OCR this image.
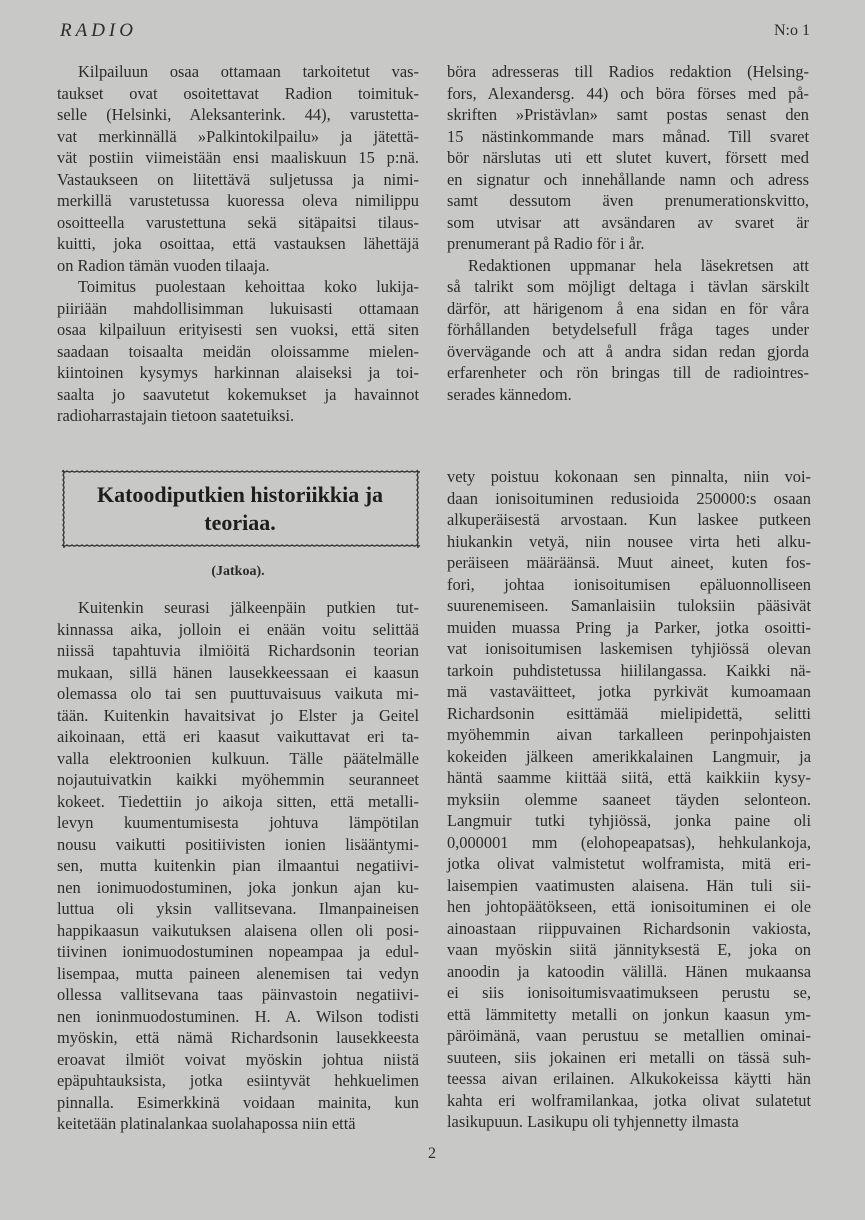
RADIO	N:o 1
Kilpailuun osaa ottamaan tarkoitetut vas-
taukset ovat osoitettavat Radion toimituk-
selle (Helsinki, Aleksanterink. 44), varustetta-
vat merkinnällä »Palkintokilpailu» ja jätettä-
vät postiin viimeistään ensi maaliskuun 15 p:nä.
Vastaukseen on liitettävä suljetussa ja nimi-
merkillä varustetussa kuoressa oleva nimilippu
osoitteella varustettuna sekä sitäpaitsi tilaus-
kuitti, joka osoittaa, että vastauksen lähettäjä
on Radion tämän vuoden tilaaja.
Toimitus puolestaan kehoittaa koko lukija-
piiriään mahdollisimman lukuisasti ottamaan
osaa kilpailuun erityisesti sen vuoksi, että siten
saadaan toisaalta meidän oloissamme mielen-
kiintoinen kysymys harkinnan alaiseksi ja toi-
saalta jo saavutetut kokemukset ja havainnot
radioharrastajain tietoon saatetuiksi.
böra adresseras till Radios redaktion (Helsing-
fors, Alexandersg. 44) och böra förses med på-
skriften »Pristävlan» samt postas senast den
15 nästinkommande mars månad. Till svaret
bör närslutas uti ett slutet kuvert, försett med
en signatur och innehållande namn och adress
samt dessutom även prenumerationskvitto,
som utvisar att avsändaren av svaret är
prenumerant på Radio för i år.
Redaktionen uppmanar hela läsekretsen att
så talrikt som möjligt deltaga i tävlan särskilt
därför, att härigenom å ena sidan en för våra
förhållanden betydelsefull fråga tages under
övervägande och att å andra sidan redan gjorda
erfarenheter och rön bringas till de radiointres-
serades kännedom.
Katoodiputkien historiikkia ja
teoriaa.
(Jatkoa).
Kuitenkin seurasi jälkeenpäin putkien tut-
kinnassa aika, jolloin ei enään voitu selittää
niissä tapahtuvia ilmiöitä Richardsonin teorian
mukaan, sillä hänen lausekkeessaan ei kaasun
olemassa olo tai sen puuttuvaisuus vaikuta mi-
tään. Kuitenkin havaitsivat jo Elster ja Geitel
aikoinaan, että eri kaasut vaikuttavat eri ta-
valla elektroonien kulkuun. Tälle päätelmälle
nojautuivatkin kaikki myöhemmin seuranneet
kokeet. Tiedettiin jo aikoja sitten, että metalli-
levyn kuumentumisesta johtuva lämpötilan
nousu vaikutti positiivisten ionien lisääntymi-
sen, mutta kuitenkin pian ilmaantui negatiivi-
nen ionimuodostuminen, joka jonkun ajan ku-
luttua oli yksin vallitsevana. Ilmanpaineisen
happikaasun vaikutuksen alaisena ollen oli posi-
tiivinen ionimuodostuminen nopeampaa ja edul-
lisempaa, mutta paineen alenemisen tai vedyn
ollessa vallitsevana taas päinvastoin negatiivi-
nen ioninmuodostuminen. H. A. Wilson todisti
myöskin, että nämä Richardsonin lausekkeesta
eroavat ilmiöt voivat myöskin johtua niistä
epäpuhtauksista, jotka esiintyvät hehkuelimen
pinnalla. Esimerkkinä voidaan mainita, kun
keitetään platinalankaa suolahapossa niin että
vety poistuu kokonaan sen pinnalta, niin voi-
daan ionisoituminen redusioida 250000:s osaan
alkuperäisestä arvostaan. Kun laskee putkeen
hiukankin vetyä, niin nousee virta heti alku-
peräiseen määräänsä. Muut aineet, kuten fos-
fori, johtaa ionisoitumisen epäluonnolliseen
suurenemiseen. Samanlaisiin tuloksiin pääsivät
muiden muassa Pring ja Parker, jotka osoitti-
vat ionisoitumisen laskemisen tyhjiössä olevan
tarkoin puhdistetussa hiililangassa. Kaikki nä-
mä vastaväitteet, jotka pyrkivät kumoamaan
Richardsonin esittämää mielipidettä, selitti
myöhemmin aivan tarkalleen perinpohjaisten
kokeiden jälkeen amerikkalainen Langmuir, ja
häntä saamme kiittää siitä, että kaikkiin kysy-
myksiin olemme saaneet täyden selonteon.
Langmuir tutki tyhjiössä, jonka paine oli
0,000001 mm (elohopeapatsas), hehkulankoja,
jotka olivat valmistetut wolframista, mitä eri-
laisempien vaatimusten alaisena. Hän tuli sii-
hen johtopäätökseen, että ionisoituminen ei ole
ainoastaan riippuvainen Richardsonin vakiosta,
vaan myöskin siitä jännityksestä E, joka on
anoodin ja katoodin välillä. Hänen mukaansa
ei siis ionisoitumisvaatimukseen perustu se,
että lämmitetty metalli on jonkun kaasun ym-
päröimänä, vaan perustuu se metallien ominai-
suuteen, siis jokainen eri metalli on tässä suh-
teessa aivan erilainen. Alkukokeissa käytti hän
kahta eri wolframilankaa, jotka olivat sulatetut
lasikupuun. Lasikupu oli tyhjennetty ilmasta
2
